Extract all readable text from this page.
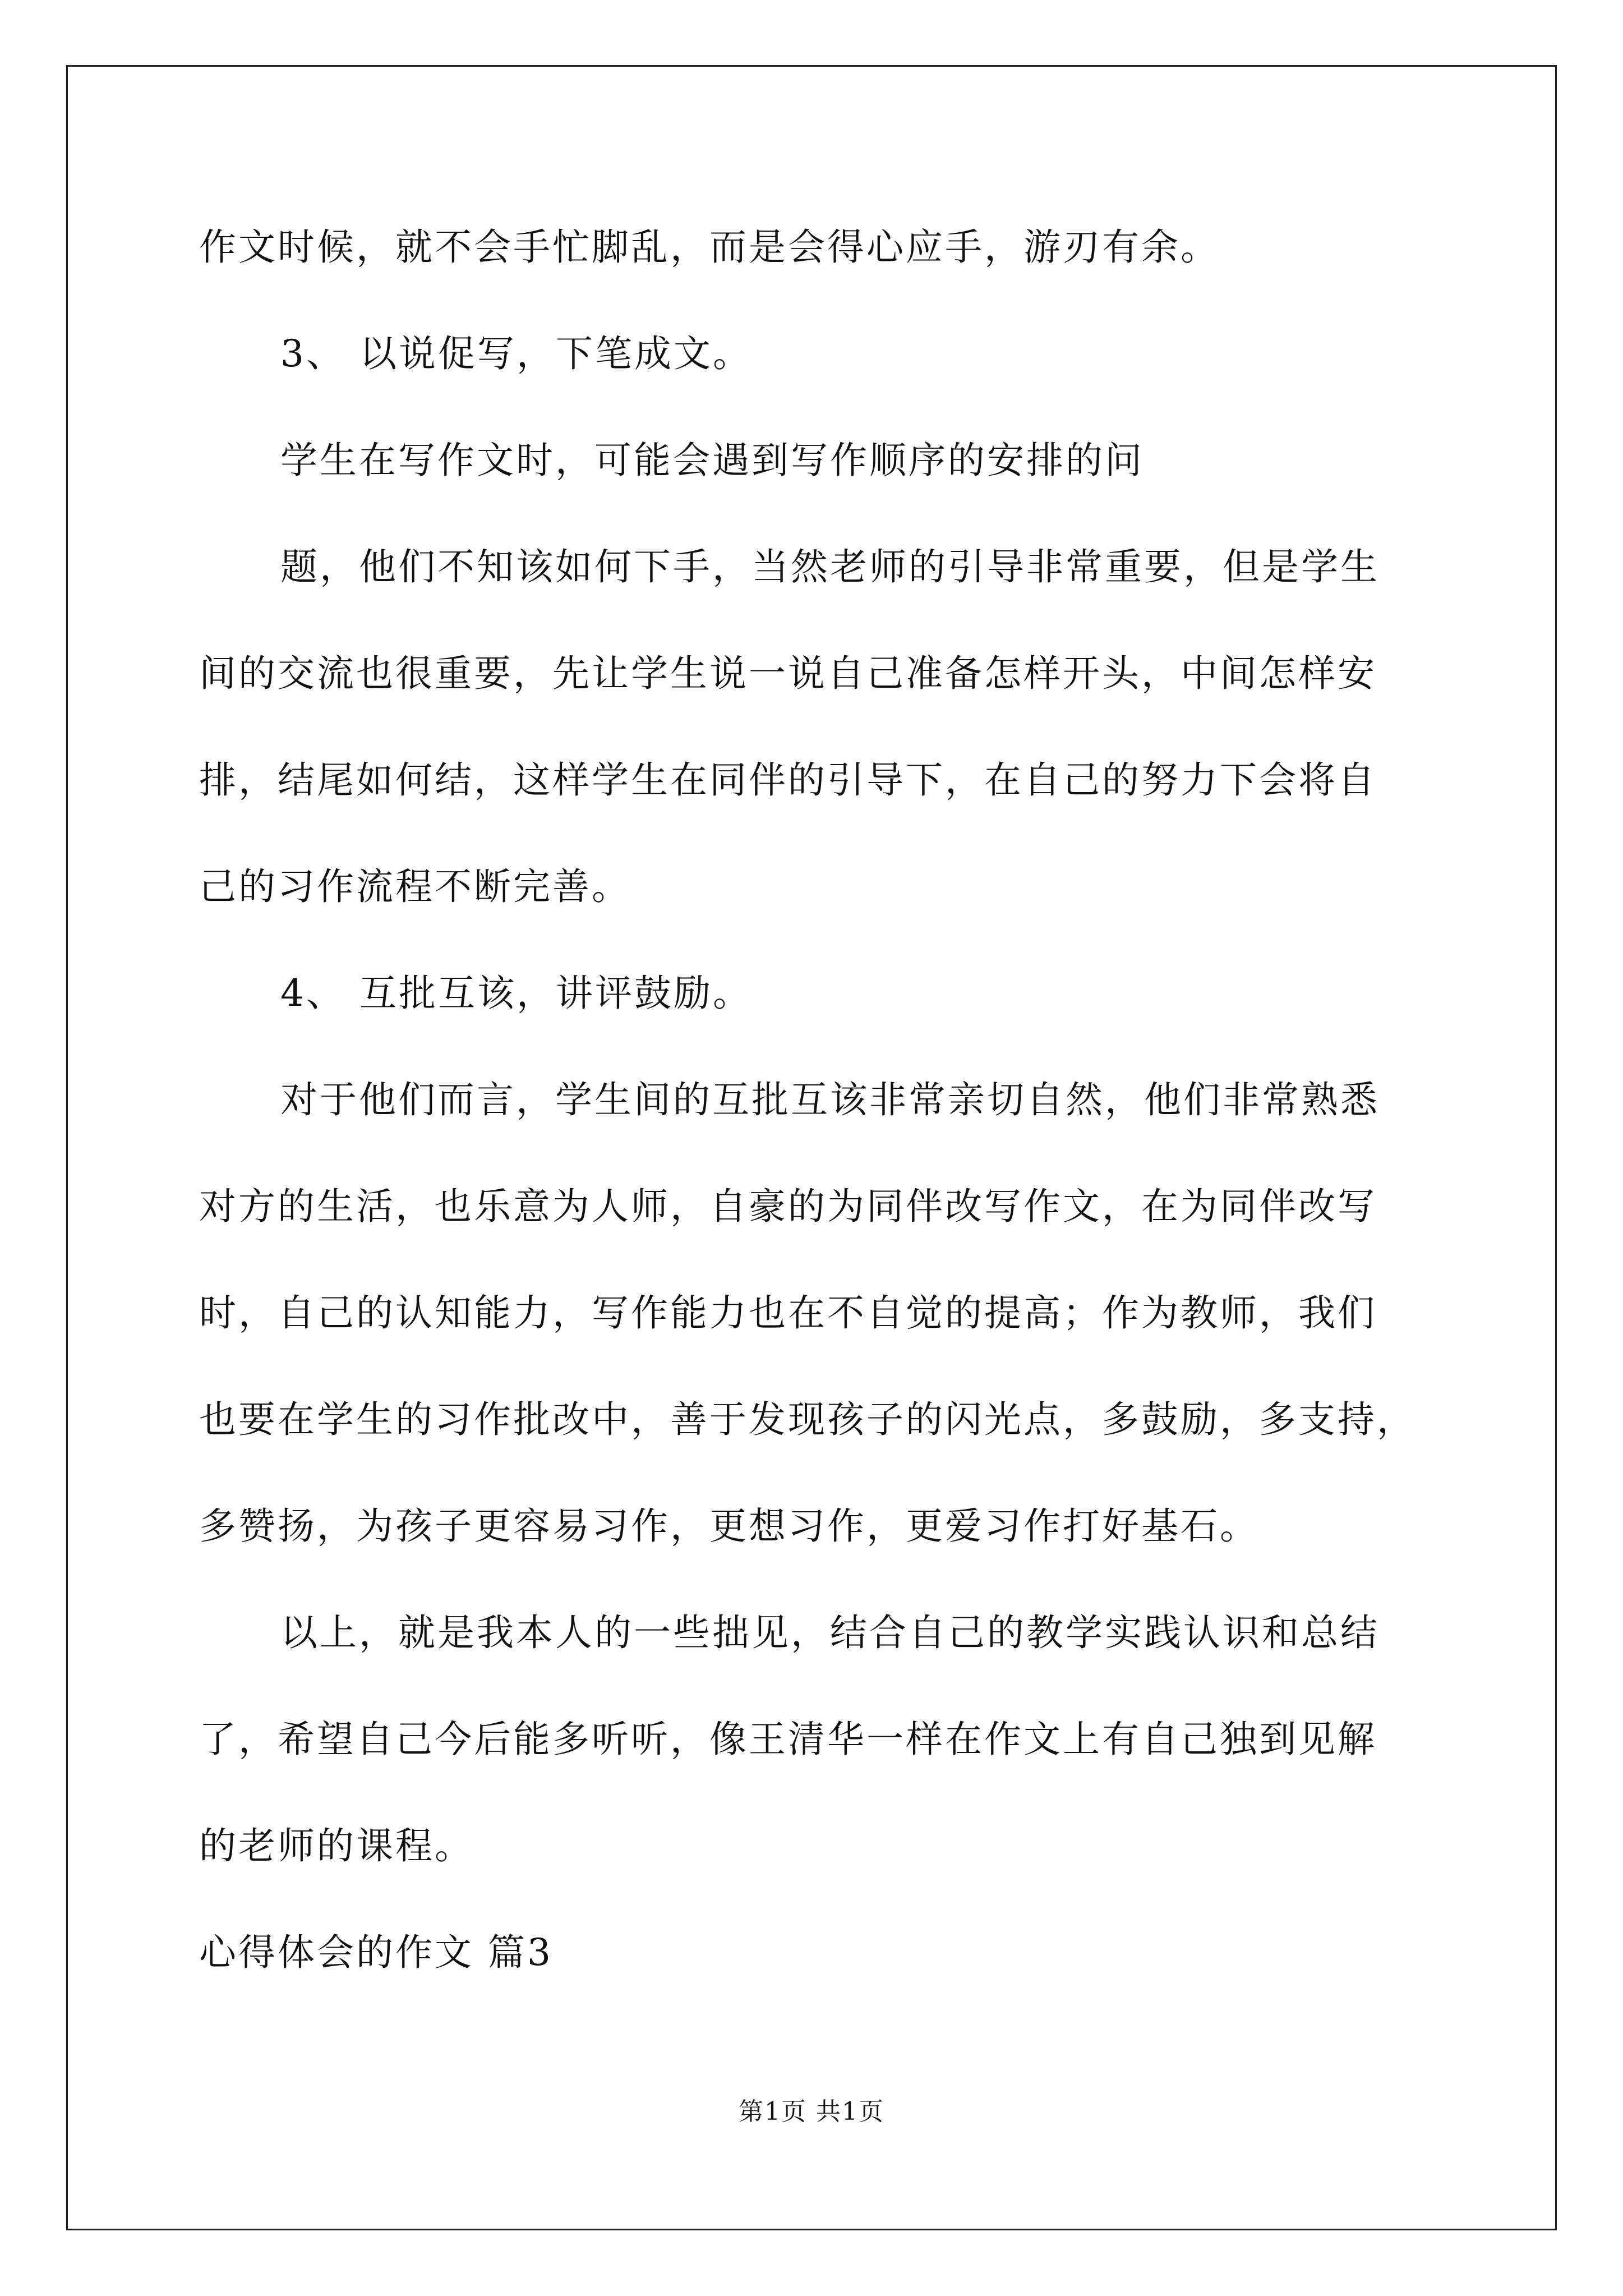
作文时候，就不会手忙脚乱，而是会得心应手，游刃有余。
3、 以说促写，下笔成文。
学生在写作文时，可能会遇到写作顺序的安排的问
题，他们不知该如何下手，当然老师的引导非常重要，但是学生
间的交流也很重要，先让学生说一说自己准备怎样开头，中间怎样安
排，结尾如何结，这样学生在同伴的引导下，在自己的努力下会将自
己的习作流程不断完善。
4、 互批互该，讲评鼓励。
对于他们而言，学生间的互批互该非常亲切自然，他们非常熟悉
对方的生活，也乐意为人师，自豪的为同伴改写作文，在为同伴改写
时，自己的认知能力，写作能力也在不自觉的提高；作为教师，我们
也要在学生的习作批改中，善于发现孩子的闪光点，多鼓励，多支持，
多赞扬，为孩子更容易习作，更想习作，更爱习作打好基石。
以上，就是我本人的一些拙见，结合自己的教学实践认识和总结
了，希望自己今后能多听听，像王清华一样在作文上有自己独到见解
的老师的课程。
心得体会的作文 篇3
第1页 共1页
